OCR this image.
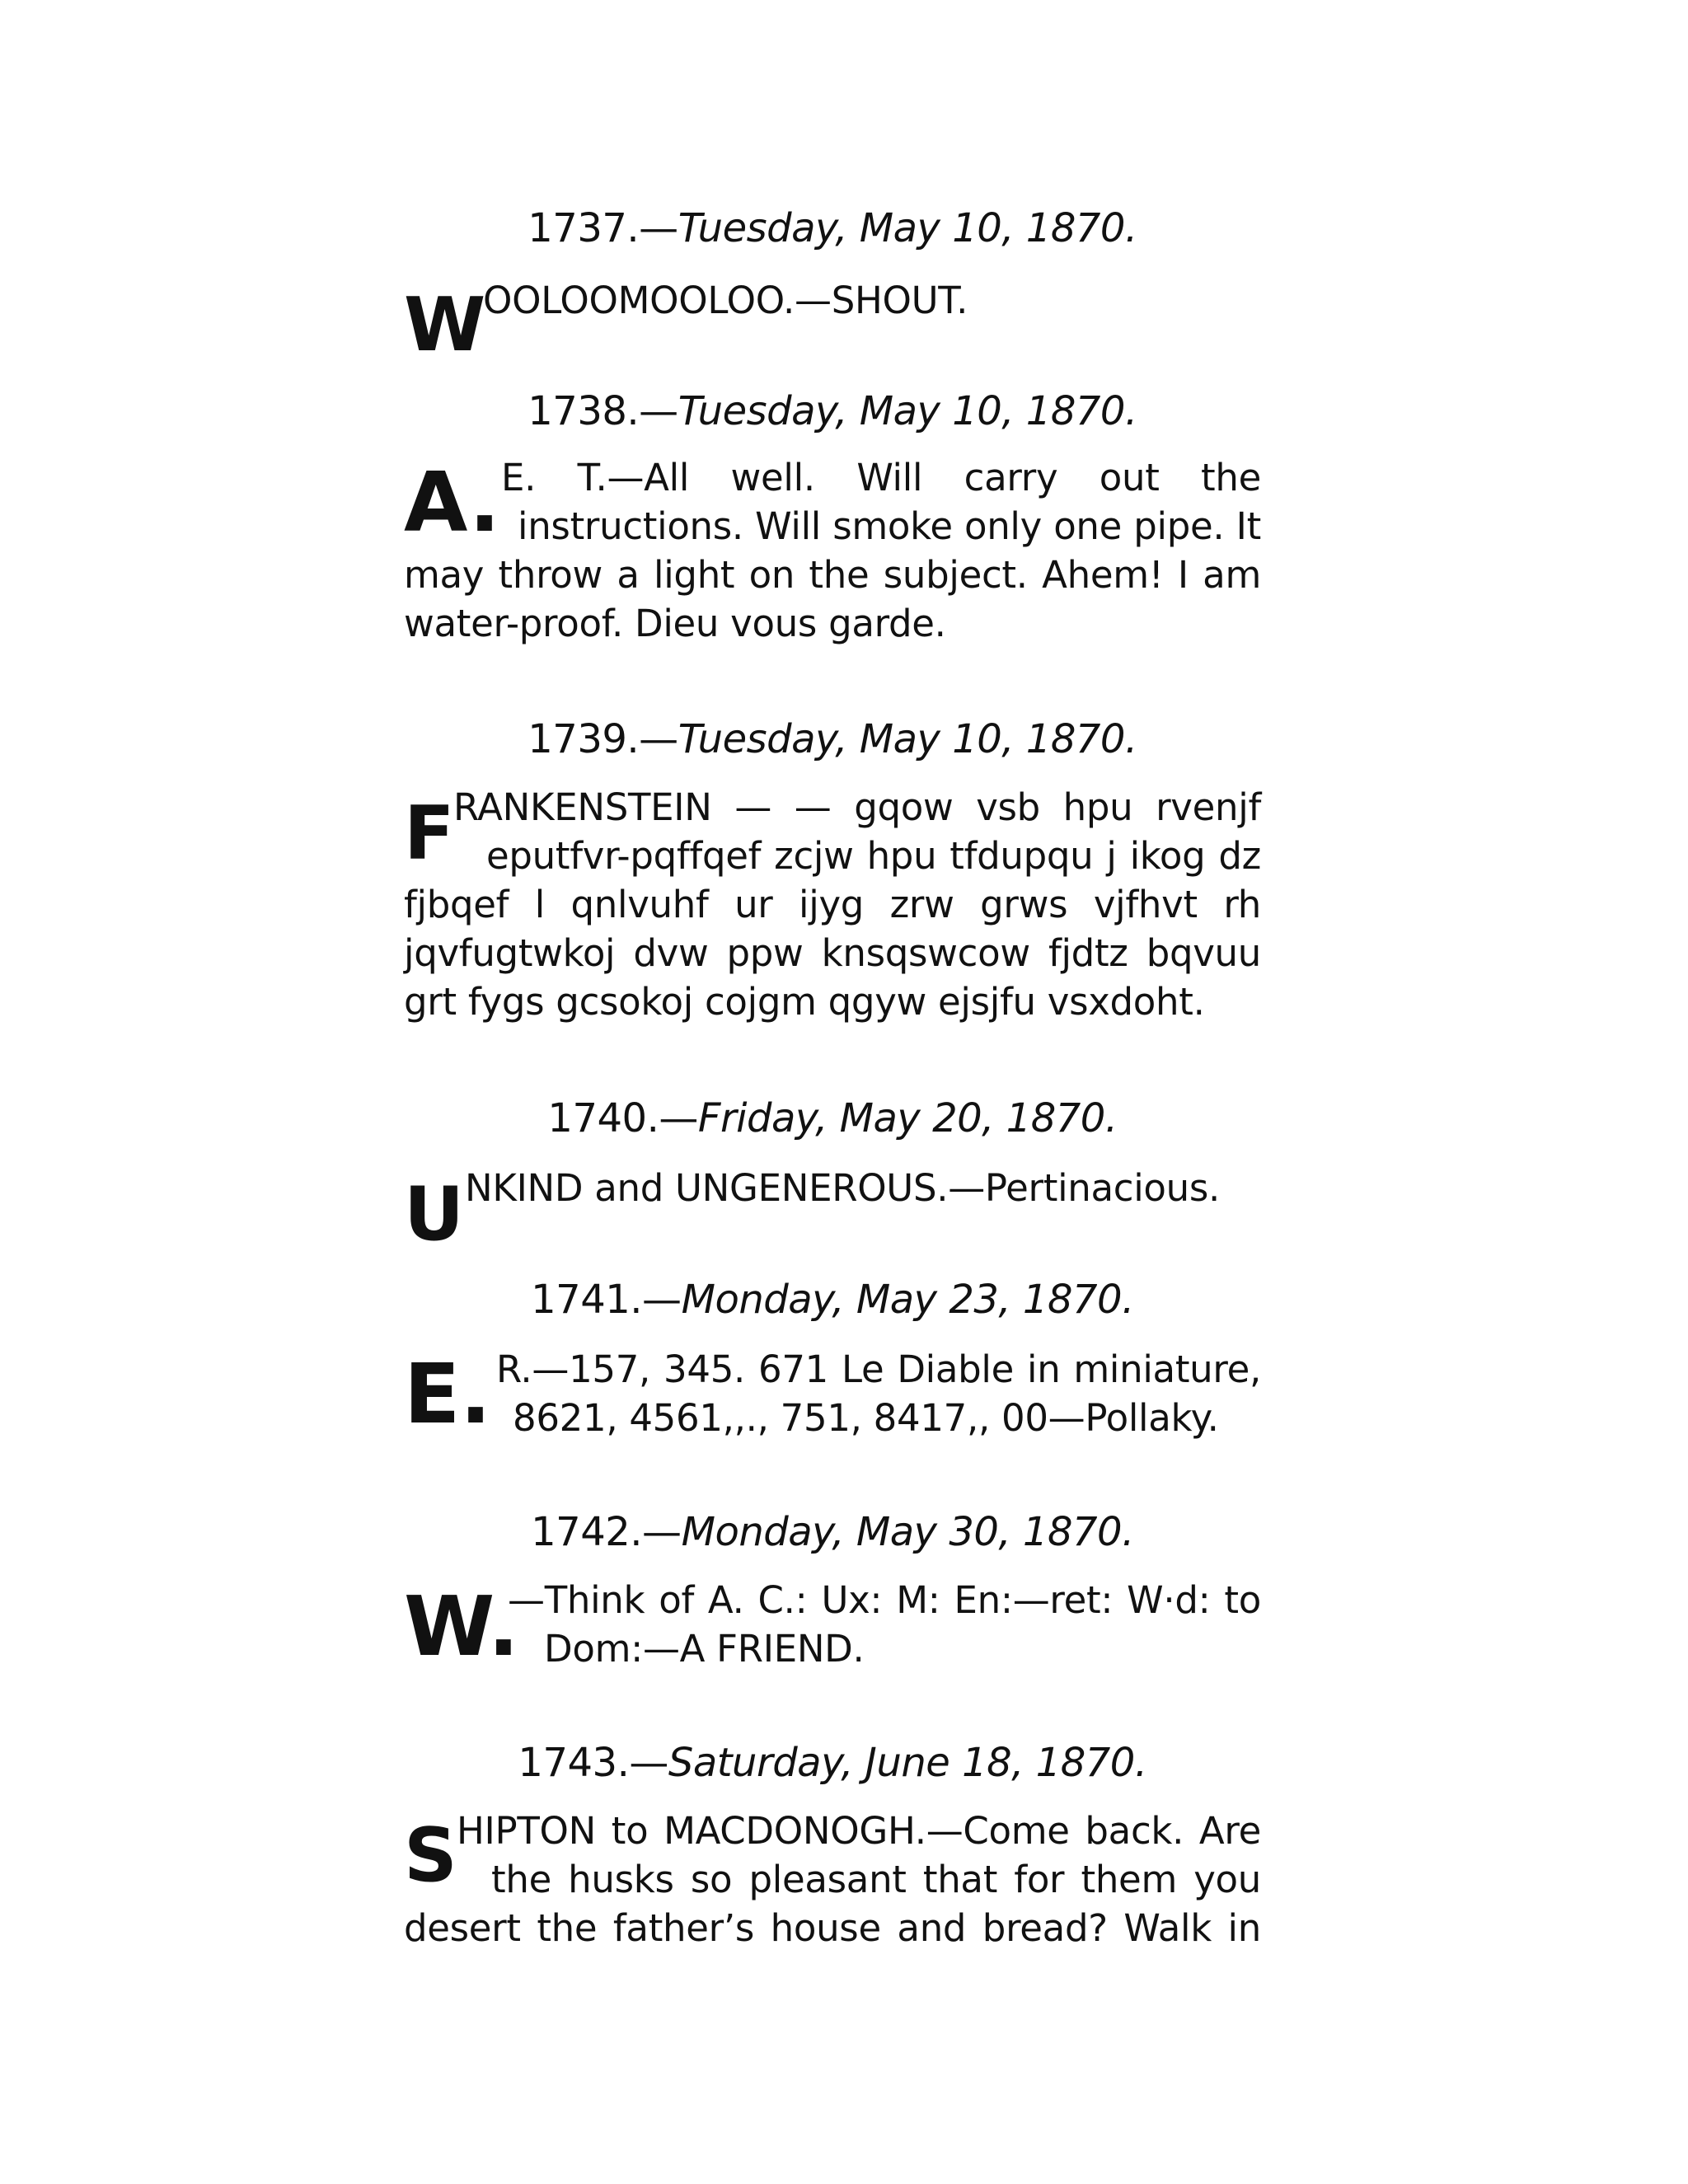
1737.—Tuesday, May 10, 1870.
W
OOLOOMOOLOO.—SHOUT.
1738.—Tuesday, May 10, 1870.
A. E. T.—All well. Will carry out the
instructions. Will smoke only one pipe. It
may throw a light on the subject. Ahem! I am
water-proof. Dieu vous garde.
1739.—Tuesday, May 10, 1870.
F
RANKENSTEIN — — gqow vsb hpu rvenjf
eputfvr-pqffqef zcjw hpu tfdupqu j ikog dz
fjbqef l qnlvuhf ur ijyg zrw grws vjfhvt rh
jqvfugtwkoj dvw ppw knsqswcow fjdtz bqvuu
grt fygs gcsokoj cojgm qgyw ejsjfu vsxdoht.
1740.—Friday, May 20, 1870.
U NKIND and UNGENEROUS.—Pertinacious.
1741.—Monday, May 23, 1870.
E. R.—157, 345. 671 Le Diable in miniature,
8621, 4561,,., 751, 8417,, 00—Pollaky.
1742.—Monday, May 30, 1870.
W.
—Think of A. C.: Ux: M: En:—ret: W·d: to
Dom:—A FRIEND.
1743.—Saturday, June 18, 1870.
S HIPTON to MACDONOGH.—Come back. Are
the husks so pleasant that for them you
desert the father’s house and bread? Walk in
